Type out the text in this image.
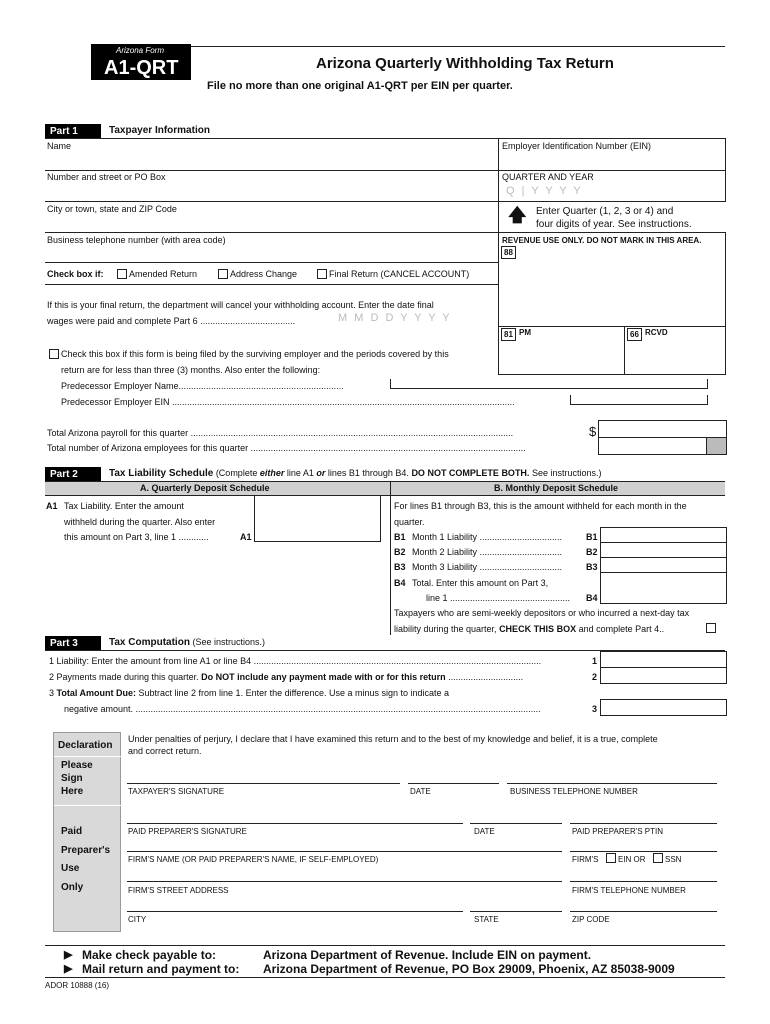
Arizona Form
A1-QRT	Arizona Quarterly Withholding Tax Return
File no more than one original A1-QRT per EIN per quarter.
Part 1	Taxpayer Information
Name	Employer Identification Number (EIN)
Number and street or PO Box	QUARTER AND YEAR
Q | Y Y Y Y
City or town, state and ZIP Code	🡅 Enter Quarter (1, 2, 3 or 4) and
four digits of year. See instructions.
Business telephone number (with area code)	REVENUE USE ONLY. DO NOT MARK IN THIS AREA.
88
Check box if:	Amended Return	Address Change	Final Return (CANCEL ACCOUNT)
If this is your final return, the department will cancel your withholding account. Enter the date final
wages were paid and complete Part 6 ......................................	M M D D Y Y Y Y
81 PM	66 RCVD
Check this box if this form is being filed by the surviving employer and the periods covered by this
return are for less than three (3) months. Also enter the following:
Predecessor Employer Name..................................................................
Predecessor Employer EIN .........................................................................................................................................
Total Arizona payroll for this quarter .................................................................................................................................	$
Total number of Arizona employees for this quarter ..............................................................................................................
Part 2	Tax Liability Schedule (Complete either line A1 or lines B1 through B4. DO NOT COMPLETE BOTH. See instructions.)
A. Quarterly Deposit Schedule	B. Monthly Deposit Schedule
A1 Tax Liability. Enter the amount
withheld during the quarter. Also enter
this amount on Part 3, line 1 ............	A1
For lines B1 through B3, this is the amount withheld for each month in the
quarter.
B1 Month 1 Liability .................................	B1
B2 Month 2 Liability .................................	B2
B3 Month 3 Liability .................................	B3
B4 Total. Enter this amount on Part 3,
line 1 ................................................ B4
Taxpayers who are semi-weekly depositors or who incurred a next-day tax
liability during the quarter, CHECK THIS BOX and complete Part 4..
Part 3	Tax Computation (See instructions.)
1 Liability: Enter the amount from line A1 or line B4 ...................................................................................................................	1
2 Payments made during this quarter. Do NOT include any payment made with or for this return ..............................	2
3 Total Amount Due: Subtract line 2 from line 1. Enter the difference. Use a minus sign to indicate a
negative amount. ..................................................................................................................................................................	3
Declaration
Please
Sign
Here
Paid
Preparer's
Use
Only
Under penalties of perjury, I declare that I have examined this return and to the best of my knowledge and belief, it is a true, complete
and correct return.
TAXPAYER'S SIGNATURE	DATE	BUSINESS TELEPHONE NUMBER
PAID PREPARER'S SIGNATURE	DATE	PAID PREPARER'S PTIN
FIRM'S NAME (OR PAID PREPARER'S NAME, IF SELF-EMPLOYED)	FIRM'S EIN OR SSN
FIRM'S STREET ADDRESS	FIRM'S TELEPHONE NUMBER
CITY	STATE	ZIP CODE
▶ Make check payable to:
▶ Mail return and payment to:
Arizona Department of Revenue. Include EIN on payment.
Arizona Department of Revenue, PO Box 29009, Phoenix, AZ 85038-9009
ADOR 10888 (16)
